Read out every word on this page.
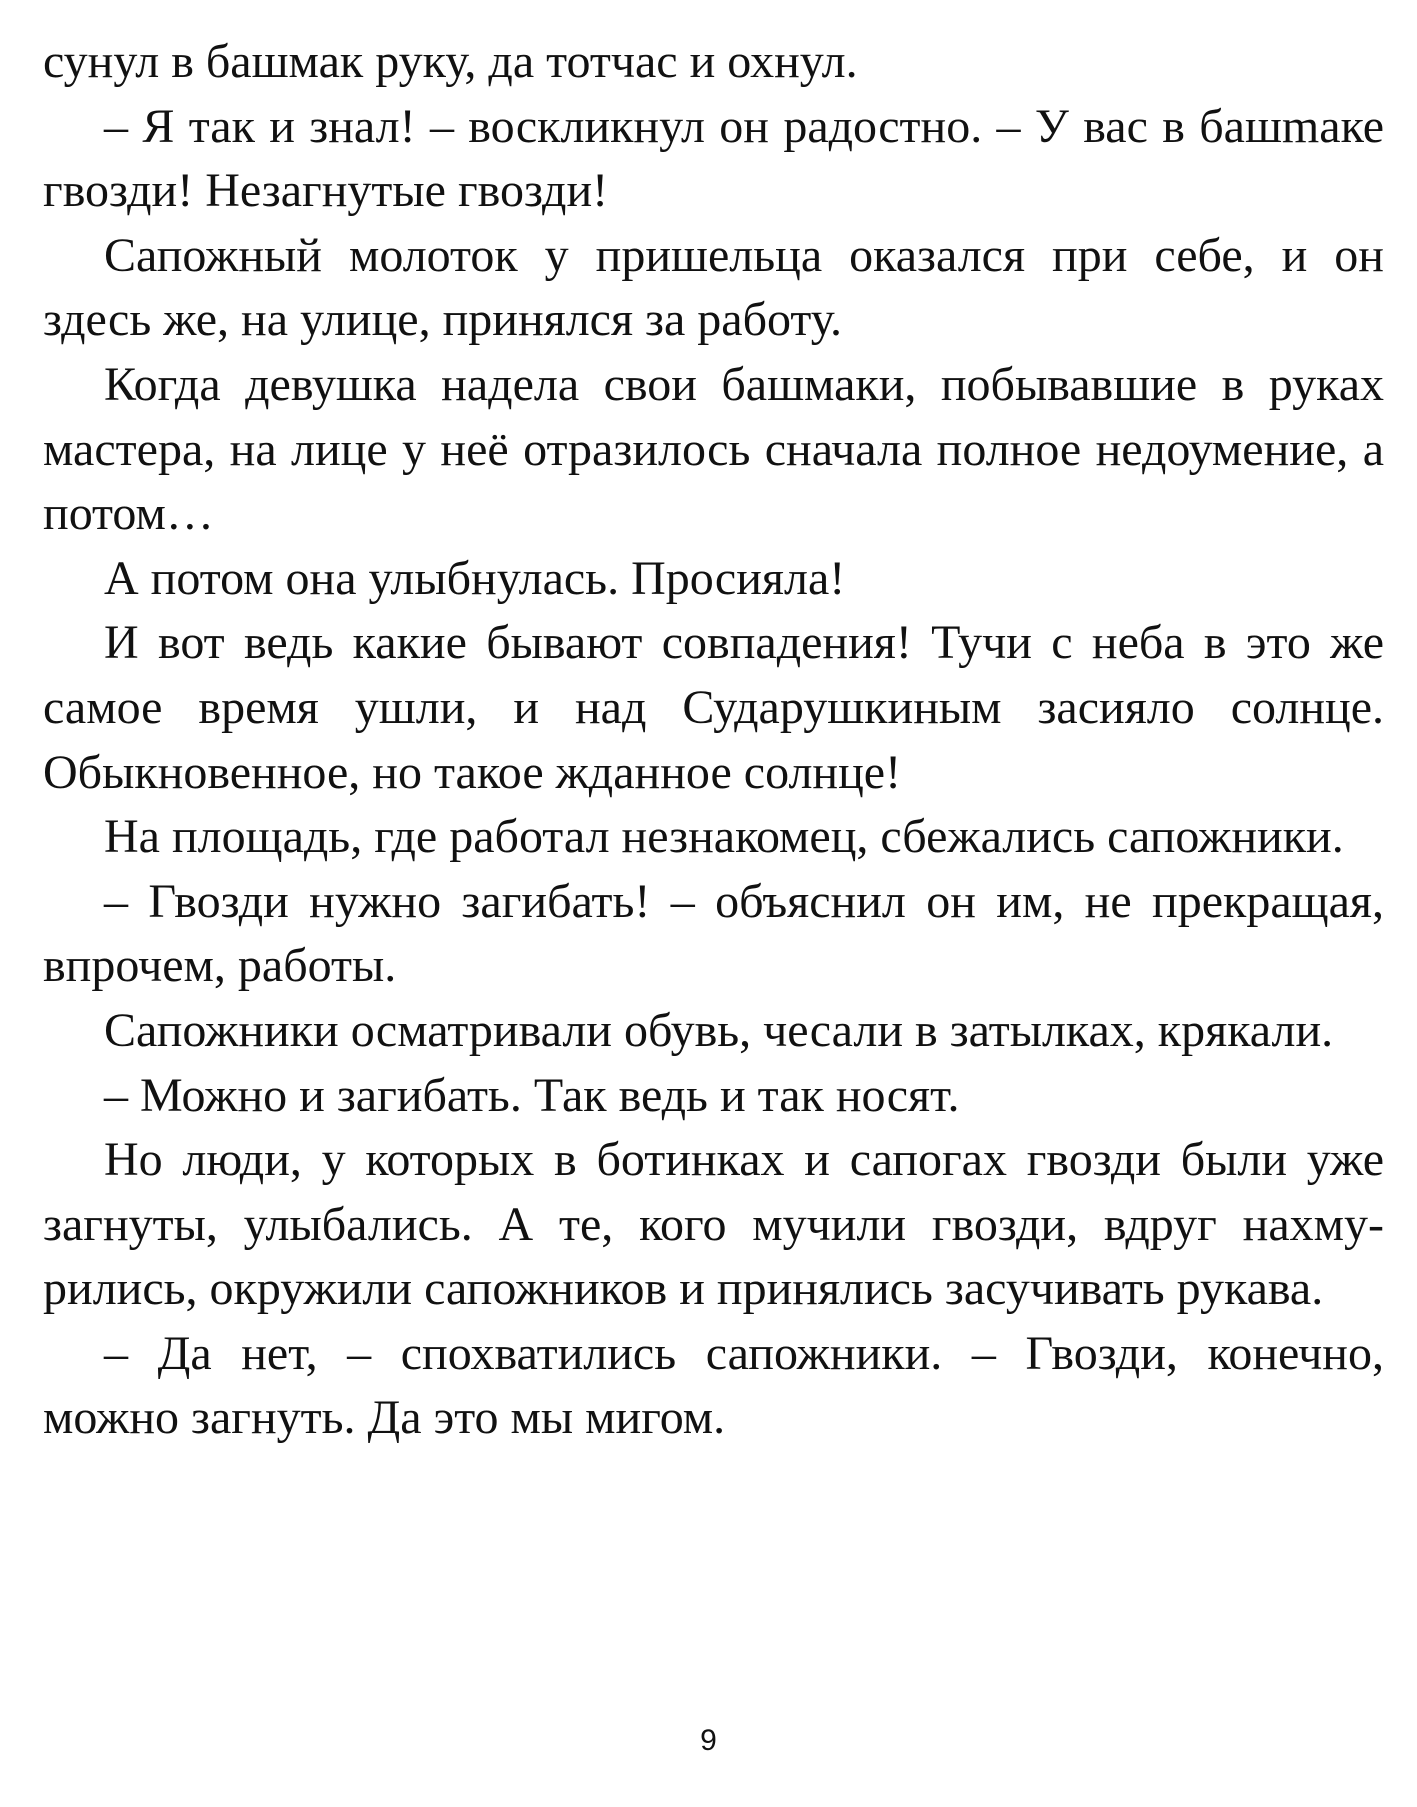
сунул в башмак руку, да тотчас и охнул.

– Я так и знал! – воскликнул он радостно. – У вас в башmаке гвозди! Незагнутые гвозди!

Сапожный молоток у пришельца оказался при себе, и он здесь же, на улице, принялся за работу.

Когда девушка надела свои башмаки, побывавшие в руках мастера, на лице у неё отразилось сначала полное недоумение, а потом…

А потом она улыбнулась. Просияла!

И вот ведь какие бывают совпадения! Тучи с неба в это же самое время ушли, и над Сударушкиным засияло солнце. Обыкновенное, но такое жданное солнце!

На площадь, где работал незнакомец, сбежались сапожники.

– Гвозди нужно загибать! – объяснил он им, не прекращая, впрочем, работы.

Сапожники осматривали обувь, чесали в затылках, крякали.

– Можно и загибать. Так ведь и так носят.

Но люди, у которых в ботинках и сапогах гвозди были уже загнуты, улыбались. А те, кого мучили гвозди, вдруг нахмурились, окружили сапожников и принялись засучивать рукава.

– Да нет, – спохватились сапожники. – Гвозди, конечно, можно загнуть. Да это мы мигом.

9
